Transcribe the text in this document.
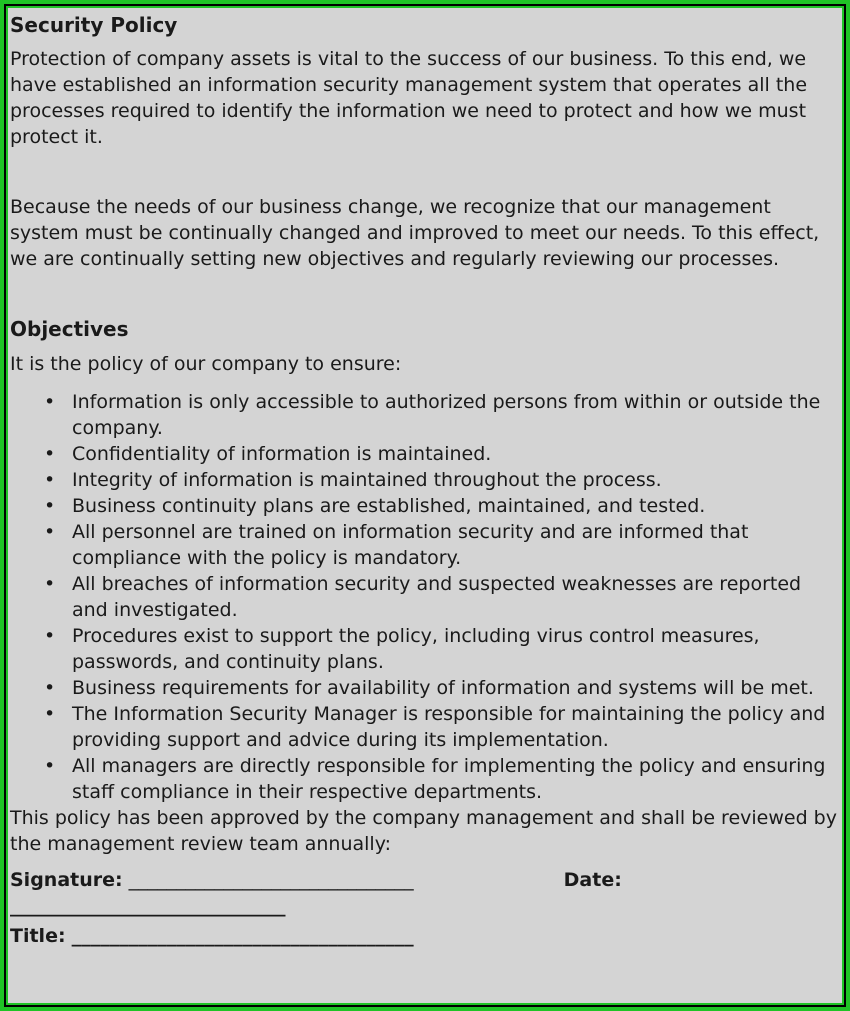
Security Policy

Protection of company assets is vital to the success of our business. To this end, we have established an information security management system that operates all the processes required to identify the information we need to protect and how we must protect it.

Because the needs of our business change, we recognize that our management system must be continually changed and improved to meet our needs. To this effect, we are continually setting new objectives and regularly reviewing our processes.

Objectives

It is the policy of our company to ensure:

• Information is only accessible to authorized persons from within or outside the company.
• Confidentiality of information is maintained.
• Integrity of information is maintained throughout the process.
• Business continuity plans are established, maintained, and tested.
• All personnel are trained on information security and are informed that compliance with the policy is mandatory.
• All breaches of information security and suspected weaknesses are reported and investigated.
• Procedures exist to support the policy, including virus control measures, passwords, and continuity plans.
• Business requirements for availability of information and systems will be met.
• The Information Security Manager is responsible for maintaining the policy and providing support and advice during its implementation.
• All managers are directly responsible for implementing the policy and ensuring staff compliance in their respective departments.

This policy has been approved by the company management and shall be reviewed by the management review team annually:

Signature: ______________________________	Date:

_____________________________

Title: ____________________________________
